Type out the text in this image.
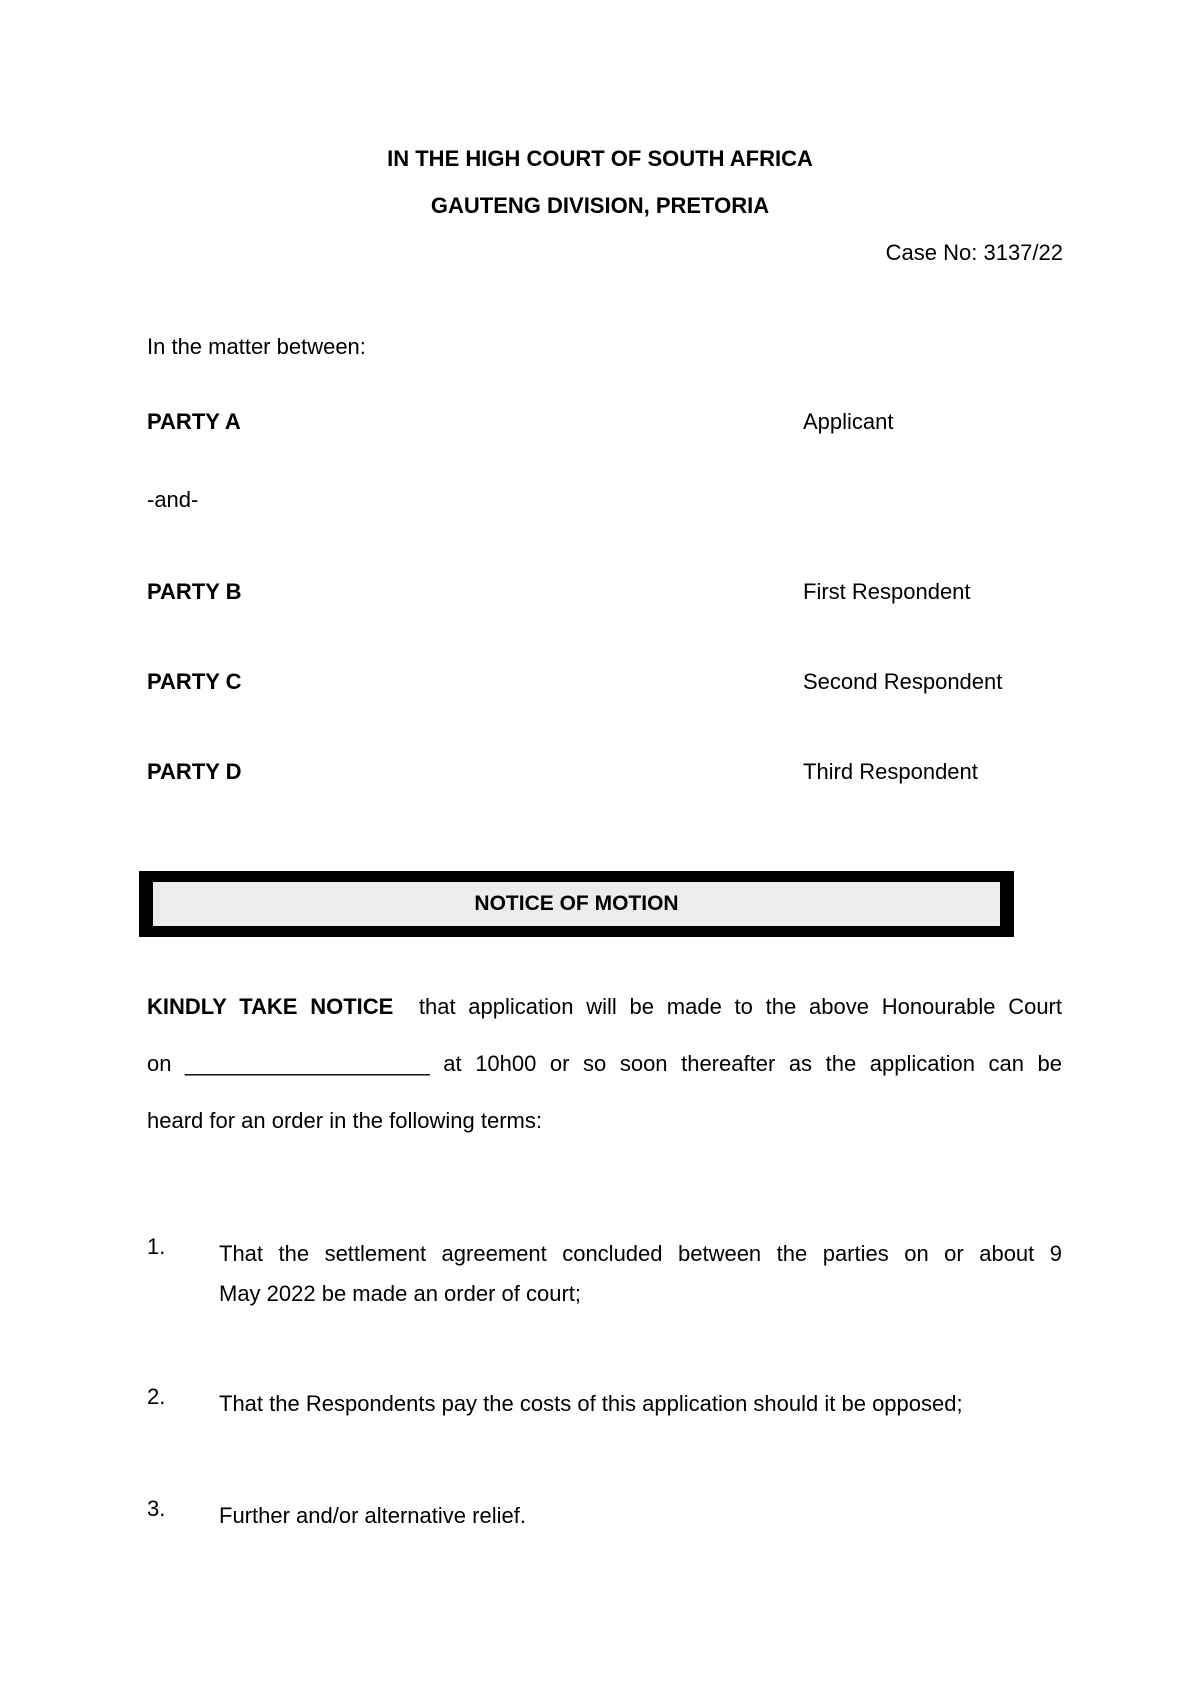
IN THE HIGH COURT OF SOUTH AFRICA
GAUTENG DIVISION, PRETORIA
Case No: 3137/22
In the matter between:
PARTY A	Applicant
-and-
PARTY B	First Respondent
PARTY C	Second Respondent
PARTY D	Third Respondent
NOTICE OF MOTION
KINDLY TAKE NOTICE that application will be made to the above Honourable Court
on ____________________ at 10h00 or so soon thereafter as the application can be
heard for an order in the following terms:
1. That the settlement agreement concluded between the parties on or about 9
May 2022 be made an order of court;
2. That the Respondents pay the costs of this application should it be opposed;
3. Further and/or alternative relief.
